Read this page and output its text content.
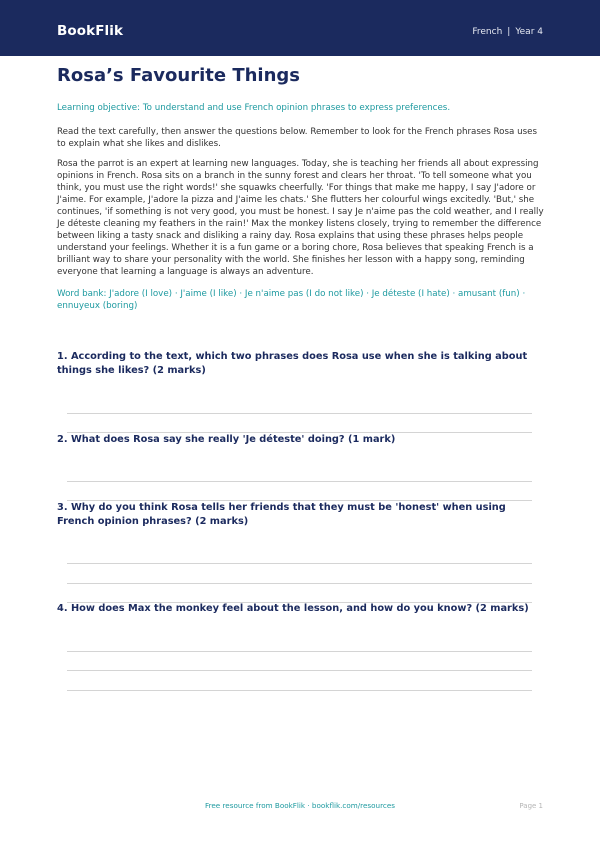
BookFlik	French | Year 4
Rosa’s Favourite Things
Learning objective: To understand and use French opinion phrases to express preferences.
Read the text carefully, then answer the questions below. Remember to look for the French phrases Rosa uses to explain what she likes and dislikes.
Rosa the parrot is an expert at learning new languages. Today, she is teaching her friends all about expressing opinions in French. Rosa sits on a branch in the sunny forest and clears her throat. 'To tell someone what you think, you must use the right words!' she squawks cheerfully. 'For things that make me happy, I say J'adore or J'aime. For example, J'adore la pizza and J'aime les chats.' She flutters her colourful wings excitedly. 'But,' she continues, 'if something is not very good, you must be honest. I say Je n'aime pas the cold weather, and I really Je déteste cleaning my feathers in the rain!' Max the monkey listens closely, trying to remember the difference between liking a tasty snack and disliking a rainy day. Rosa explains that using these phrases helps people understand your feelings. Whether it is a fun game or a boring chore, Rosa believes that speaking French is a brilliant way to share your personality with the world. She finishes her lesson with a happy song, reminding everyone that learning a language is always an adventure.
Word bank: J'adore (I love) · J'aime (I like) · Je n'aime pas (I do not like) · Je déteste (I hate) · amusant (fun) · ennuyeux (boring)
1. According to the text, which two phrases does Rosa use when she is talking about things she likes? (2 marks)
2. What does Rosa say she really 'Je déteste' doing? (1 mark)
3. Why do you think Rosa tells her friends that they must be 'honest' when using French opinion phrases? (2 marks)
4. How does Max the monkey feel about the lesson, and how do you know? (2 marks)
Free resource from BookFlik · bookflik.com/resources	Page 1
